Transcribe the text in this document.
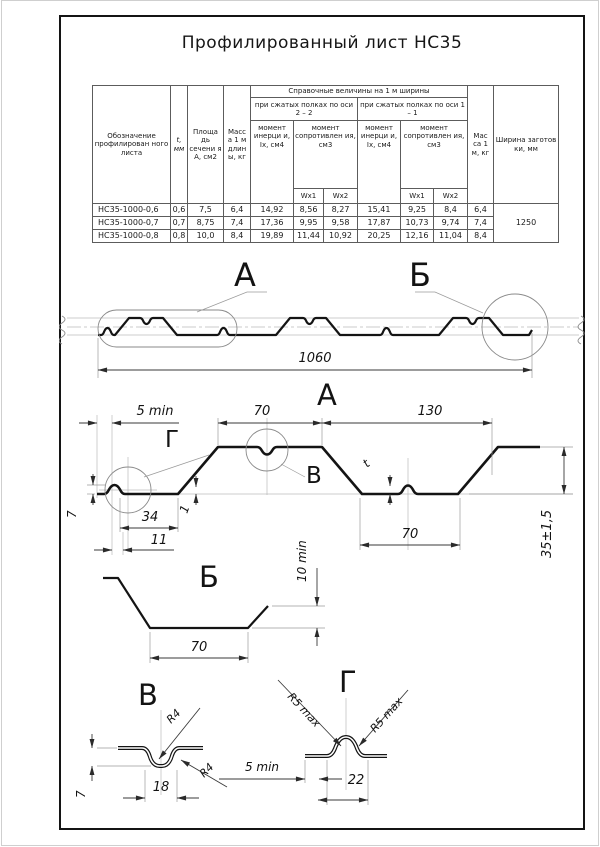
Профилированный лист НС35
Обозначение профилирован ного листа	t, мм	Площа дь сечени я А, см2	Масс а 1 м длин ы, кг	Справочные величины на 1 м ширины						Мас са 1 м, кг	Ширина заготов ки, мм
				при сжатых полках по оси 2 – 2			при сжатых полках по оси 1 – 1				
				момент инерци и, Ix, см4	момент сопротивлен ия, см3		момент инерци и, Ix, см4	момент сопротивлен ия, см3			
					Wx1	Wx2		Wx1	Wx2		
НС35-1000-0,6	0,6	7,5	6,4	14,92	8,56	8,27	15,41	9,25	8,4	6,4	1250
НС35-1000-0,7	0,7	8,75	7,4	17,36	9,95	9,58	17,87	10,73	9,74	7,4	
НС35-1000-0,8	0,8	10,0	8,4	19,89	11,44	10,92	20,25	12,16	11,04	8,4	
А	Б
1060
А
Г
В
5 min	70	130
7	34
11
1
t
70	35±1,5
Б
70
10 min
В
R4
R4
7	18
Г
R5 max	R5 max
5 min
22
